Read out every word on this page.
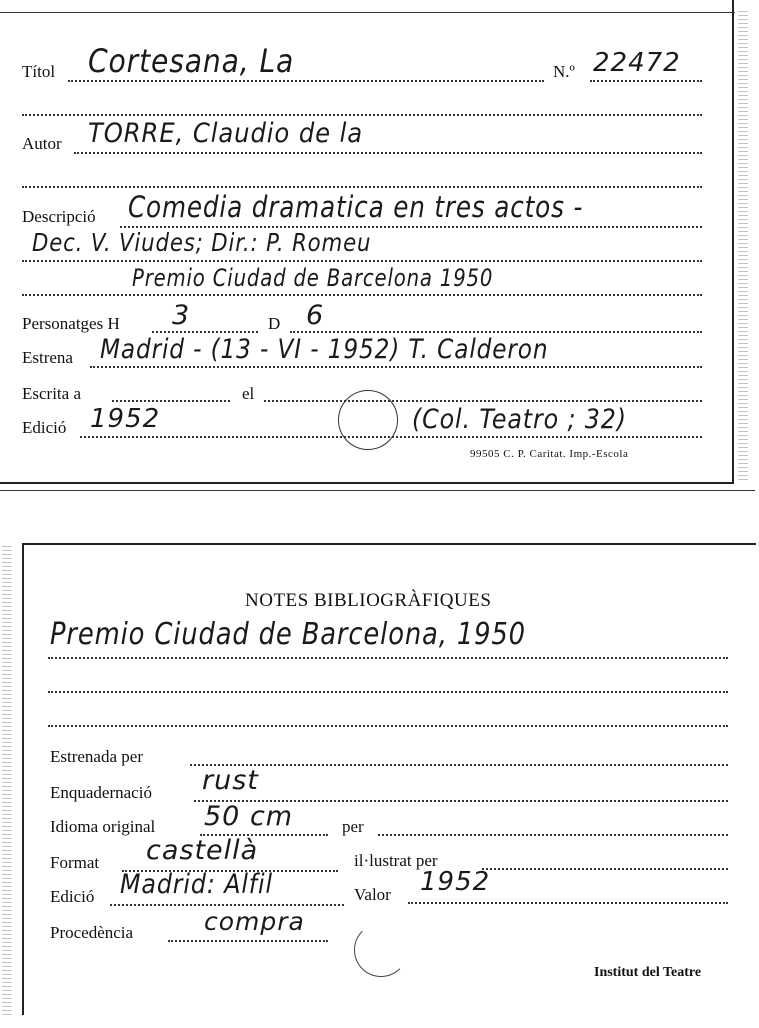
Títol Cortesana, La	N.º 22472
Autor TORRE, Claudio de la
Descripció Comedia dramatica en tres actos -
Dec. V. Viudes; Dir.: P. Romeu
Premio Ciudad de Barcelona 1950
Personatges H 3	D 6
Estrena Madrid - (13 - VI - 1952) T. Calderon
Escrita a	el
Edició 1952	(Col. Teatro ; 32)
99505 C. P. Caritat. Imp.-Escola
NOTES BIBLIOGRÀFIQUES
Premio Ciudad de Barcelona, 1950
Estrenada per
Enquadernació rust
Idioma original 50 cm	per
Format castellà	il·lustrat per
Edició Madrid: Alfil	Valor 1952
Procedència	compra
Institut del Teatre
